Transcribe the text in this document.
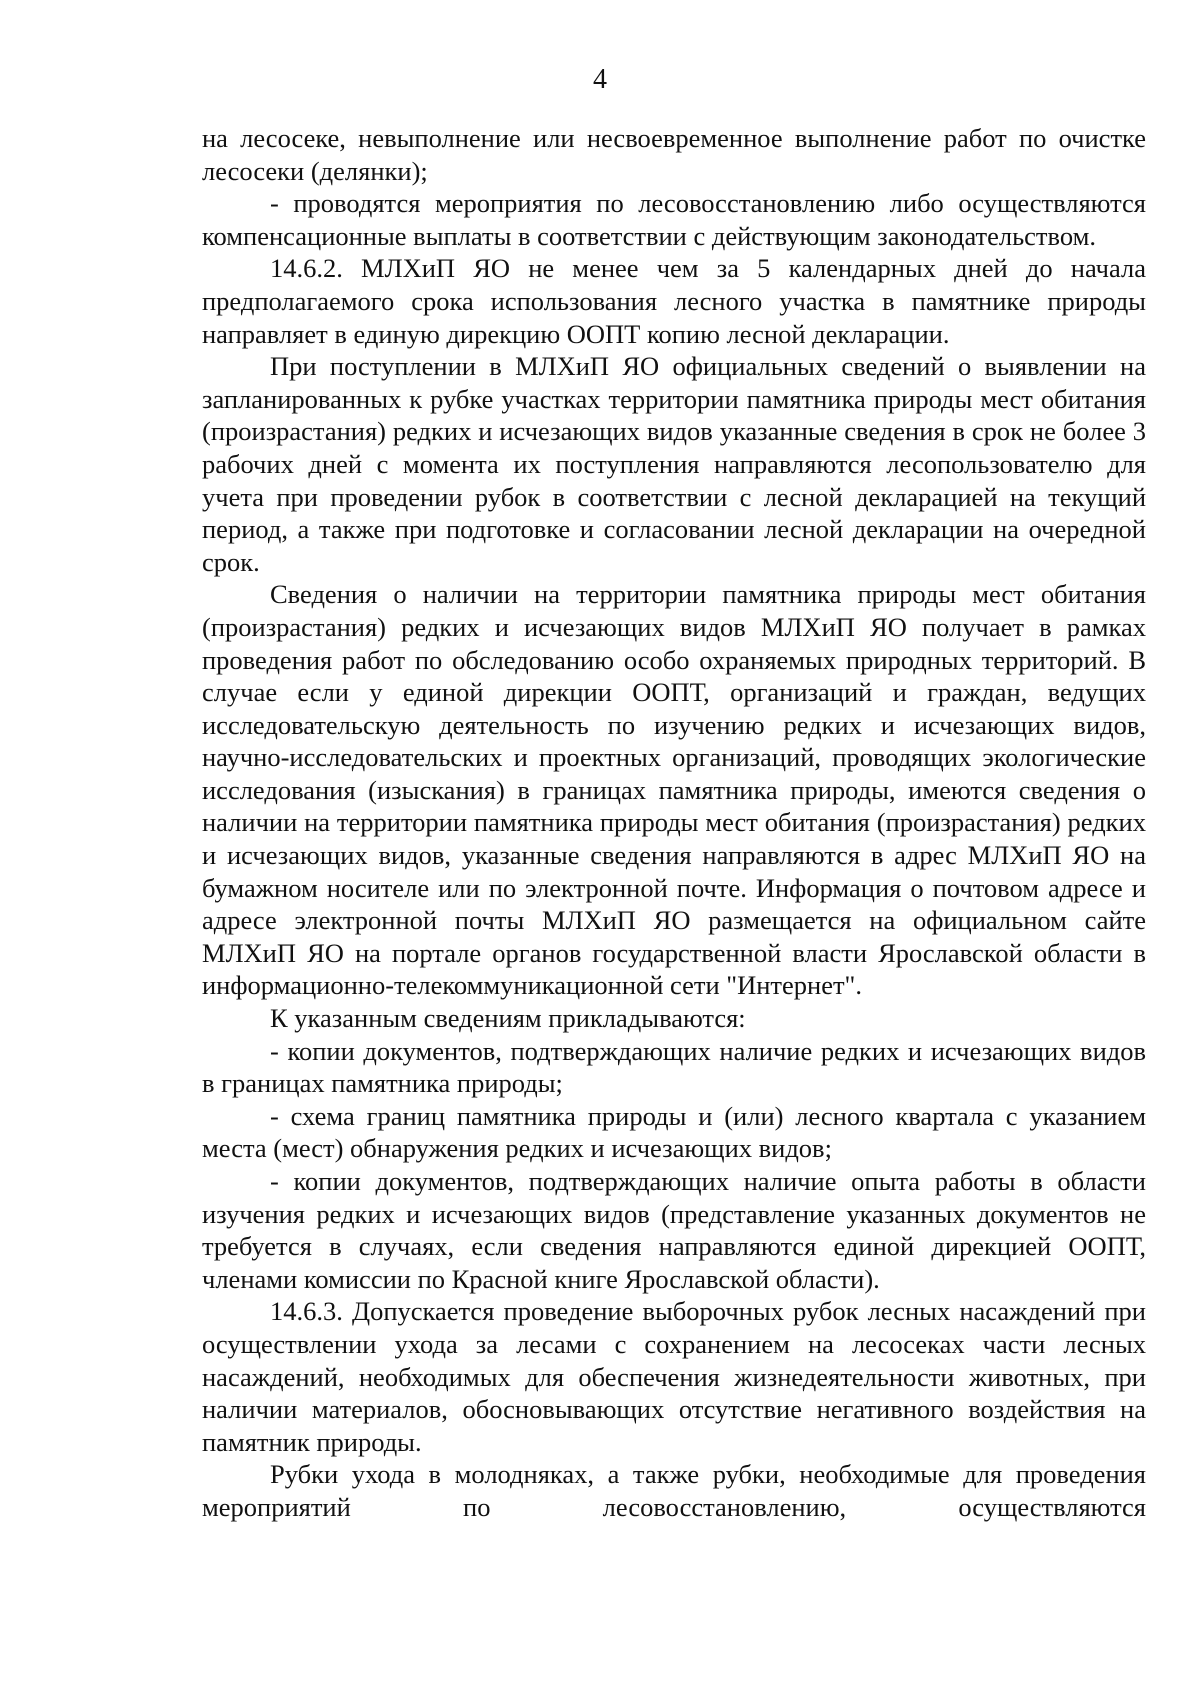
4

на лесосеке, невыполнение или несвоевременное выполнение работ по очистке лесосеки (делянки);

- проводятся мероприятия по лесовосстановлению либо осуществляются компенсационные выплаты в соответствии с действующим законодательством.

14.6.2. МЛХиП ЯО не менее чем за 5 календарных дней до начала предполагаемого срока использования лесного участка в памятнике природы направляет в единую дирекцию ООПТ копию лесной декларации.

При поступлении в МЛХиП ЯО официальных сведений о выявлении на запланированных к рубке участках территории памятника природы мест обитания (произрастания) редких и исчезающих видов указанные сведения в срок не более 3 рабочих дней с момента их поступления направляются лесопользователю для учета при проведении рубок в соответствии с лесной декларацией на текущий период, а также при подготовке и согласовании лесной декларации на очередной срок.

Сведения о наличии на территории памятника природы мест обитания (произрастания) редких и исчезающих видов МЛХиП ЯО получает в рамках проведения работ по обследованию особо охраняемых природных территорий. В случае если у единой дирекции ООПТ, организаций и граждан, ведущих исследовательскую деятельность по изучению редких и исчезающих видов, научно-исследовательских и проектных организаций, проводящих экологические исследования (изыскания) в границах памятника природы, имеются сведения о наличии на территории памятника природы мест обитания (произрастания) редких и исчезающих видов, указанные сведения направляются в адрес МЛХиП ЯО на бумажном носителе или по электронной почте. Информация о почтовом адресе и адресе электронной почты МЛХиП ЯО размещается на официальном сайте МЛХиП ЯО на портале органов государственной власти Ярославской области в информационно-телекоммуникационной сети "Интернет".

К указанным сведениям прикладываются:

- копии документов, подтверждающих наличие редких и исчезающих видов в границах памятника природы;

- схема границ памятника природы и (или) лесного квартала с указанием места (мест) обнаружения редких и исчезающих видов;

- копии документов, подтверждающих наличие опыта работы в области изучения редких и исчезающих видов (представление указанных документов не требуется в случаях, если сведения направляются единой дирекцией ООПТ, членами комиссии по Красной книге Ярославской области).

14.6.3. Допускается проведение выборочных рубок лесных насаждений при осуществлении ухода за лесами с сохранением на лесосеках части лесных насаждений, необходимых для обеспечения жизнедеятельности животных, при наличии материалов, обосновывающих отсутствие негативного воздействия на памятник природы.

Рубки ухода в молодняках, а также рубки, необходимые для проведения мероприятий по лесовосстановлению, осуществляются
